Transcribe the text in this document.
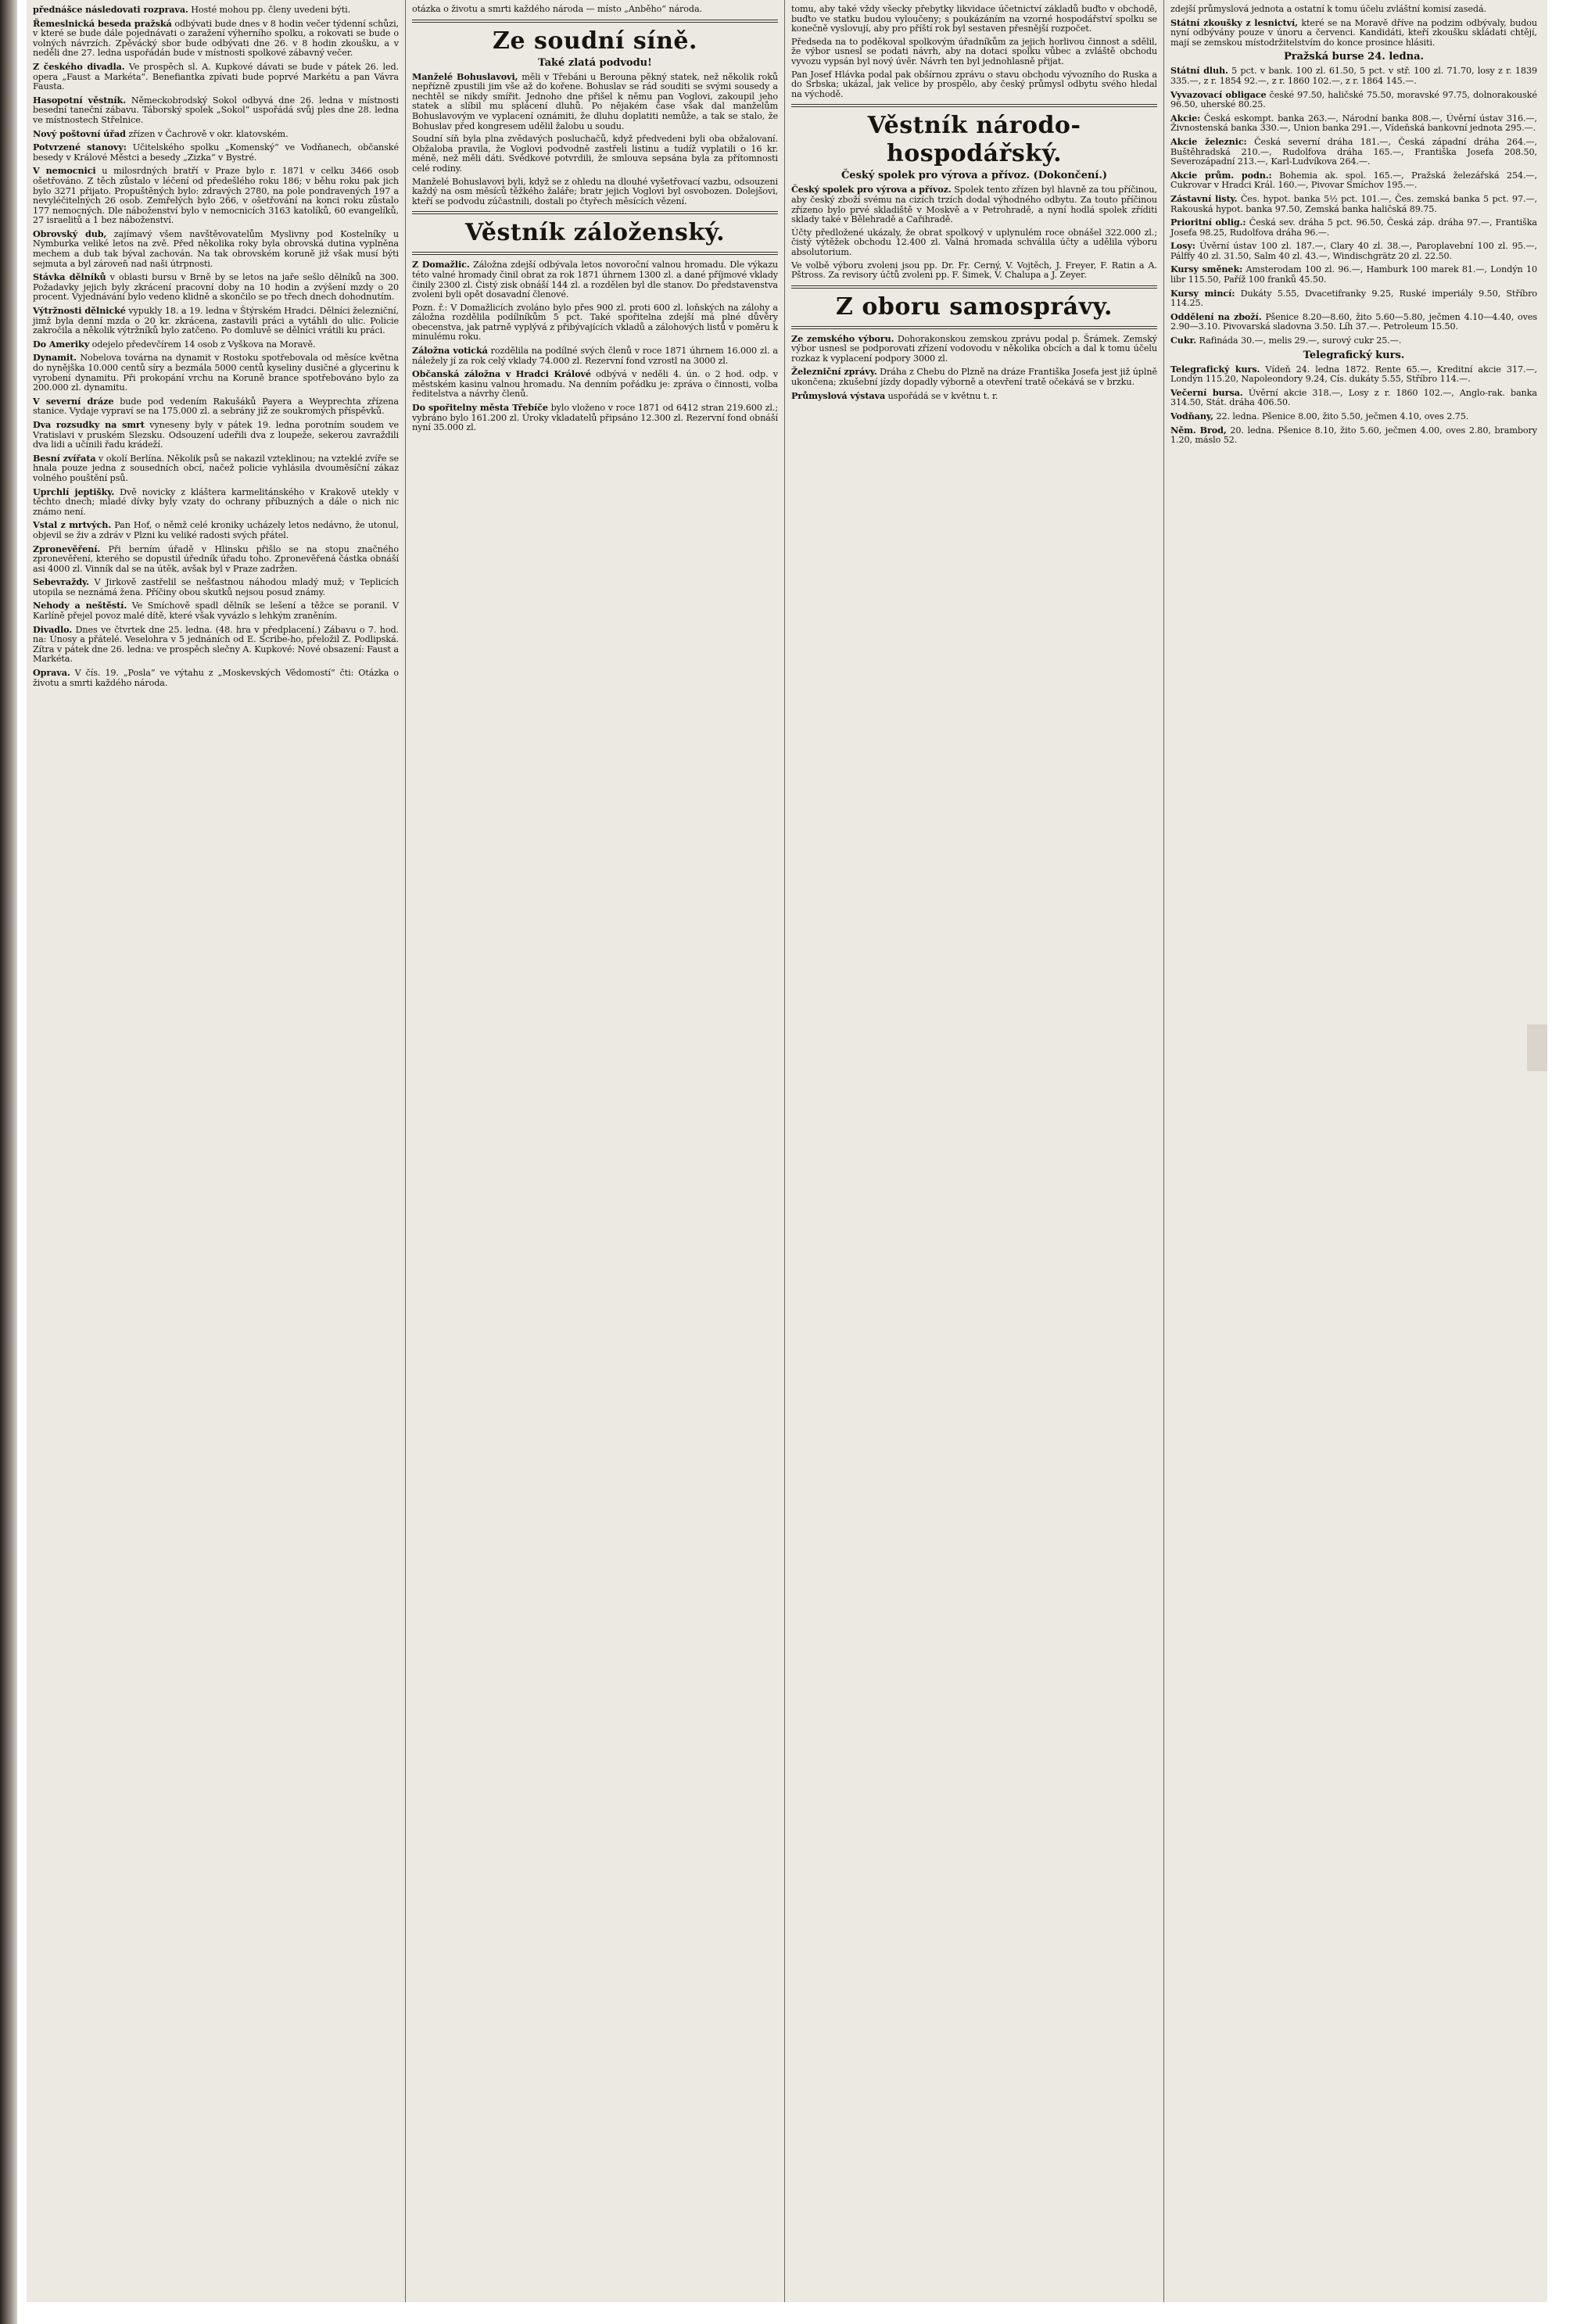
přednášce následovati rozprava. Hosté mohou pp. členy uvedeni býti.

Řemeslnická beseda pražská odbývati bude dnes v 8 hodin večer týdenní schůzi, v které se bude dále pojednávati o zaražení výherního spolku, a rokovati se bude o volných návrzích. Zpěvácký sbor bude odbývati dne 26. v 8 hodin zkoušku, a v neděli dne 27. ledna uspořádán bude v místnosti spolkové zábavný večer.

Z českého divadla. Ve prospěch sl. A. Kupkové dávati se bude v pátek 26. led. opera „Faust a Markéta“. Benefiantka zpívati bude poprvé Markétu a pan Vávra Fausta.

Hasopotní věstník. Německobrodský Sokol odbyvá dne 26. ledna v místnosti besední taneční zábavu. Táborský spolek „Sokol“ uspořádá svůj ples dne 28. ledna ve místnostech Střelnice.

Nový poštovní úřad zřízen v Čachrově v okr. klatovském.

Potvrzené stanovy: Učitelského spolku „Komenský“ ve Vodňanech, občanské besedy v Králové Městci a besedy „Zizka“ v Bystré.

V nemocnici u milosrdných bratří v Praze bylo r. 1871 v celku 3466 osob ošetřováno. Z těch zůstalo v léčení od předešlého roku 186; v běhu roku pak jich bylo 3271 přijato. Propuštěných bylo: zdravých 2780, na pole pondravených 197 a nevyléčitelných 26 osob. Zemřelých bylo 266, v ošetřování na konci roku zůstalo 177 nemocných. Dle náboženství bylo v nemocnicích 3163 katolíků, 60 evangelíků, 27 israelitů a 1 bez náboženství.

Obrovský dub, zajímavý všem navštěvovatelům Myslivny pod Kostelníky u Nymburka veliké letos na zvě. Před několika roky byla obrovská dutina vyplněna mechem a dub tak býval zachován. Na tak obrovském koruně již však musí býti sejmuta a byl zároveň nad naši útrpnosti.

Stávka dělníků v oblasti bursu v Brně by se letos na jaře sešlo dělníků na 300. Požadavky jejich byly zkrácení pracovní doby na 10 hodin a zvýšení mzdy o 20 procent. Vyjednávání bylo vedeno klidně a skončilo se po třech dnech dohodnutím.

Výtržnosti dělnické vypukly 18. a 19. ledna v Štýrském Hradci. Dělníci železniční, jimž byla denní mzda o 20 kr. zkrácena, zastavili práci a vytáhli do ulic. Policie zakročila a několik výtržníků bylo zatčeno. Po domluvě se dělníci vrátili ku práci.

Do Ameriky odejelo předevčírem 14 osob z Vyškova na Moravě.

Dynamit. Nobelova továrna na dynamit v Rostoku spotřebovala od měsíce května do nynějška 10.000 centů síry a bezmála 5000 centů kyseliny dusičné a glycerinu k vyrobení dynamitu. Při prokopání vrchu na Koruně brance spotřebováno bylo za 200.000 zl. dynamitu.

V severní dráze bude pod vedením Rakušáků Payera a Weyprechta zřízena stanice. Vydaje vypraví se na 175.000 zl. a sebrány již ze soukromých příspěvků.

Dva rozsudky na smrt vyneseny byly v pátek 19. ledna porotním soudem ve Vratislavi v pruském Slezsku. Odsouzení udeřili dva z loupeže, sekerou zavraždili dva lidi a učinili řadu krádeží.

Besní zvířata v okolí Berlína. Několik psů se nakazil vzteklinou; na vzteklé zvíře se hnala pouze jedna z sousedních obcí, načež policie vyhlásila dvouměsíční zákaz volného pouštění psů.

Uprchlí jeptišky. Dvě novicky z kláštera karmelitánského v Krakově utekly v těchto dnech; mladé dívky byly vzaty do ochrany příbuzných a dále o nich nic známo není.

Vstal z mrtvých. Pan Hof, o němž celé kroniky ucházely letos nedávno, že utonul, objevil se živ a zdráv v Plzni ku veliké radosti svých přátel.

Zpronevěření. Při berním úřadě v Hlinsku přišlo se na stopu značného zpronevěření, kterého se dopustil úředník úřadu toho. Zpronevěřená částka obnáší asi 4000 zl. Vinník dal se na útěk, avšak byl v Praze zadržen.

Sebevraždy. V Jirkově zastřelil se nešťastnou náhodou mladý muž; v Teplicích utopila se neznámá žena. Příčiny obou skutků nejsou posud známy.

Nehody a neštěstí. Ve Smíchově spadl dělník se lešení a těžce se poranil. V Karlíně přejel povoz malé dítě, které však vyvázlo s lehkým zraněním.

Divadlo. Dnes ve čtvrtek dne 25. ledna. (48. hra v předplacení.) Zábavu o 7. hod. na: Únosy a přátelé. Veselohra v 5 jednáních od E. Scribe-ho, přeložil Z. Podlipská. Zítra v pátek dne 26. ledna: ve prospěch slečny A. Kupkové: Nové obsazení: Faust a Markéta.

Oprava. V čís. 19. „Posla“ ve výtahu z „Moskevských Vědomostí“ čti: Otázka o životu a smrti každého národa.

otázka o životu a smrti každého národa — místo „Anběho“ národa.

Ze soudní síně.
Také zlatá podvodu!

Manželé Bohuslavovi, měli v Třebáni u Berouna pěkný statek, než několik roků nepřízně zpustili jim vše až do kořene. Bohuslav se rád souditi se svými sousedy a nechtěl se nikdy smířit. Jednoho dne přišel k němu pan Voglovi, zakoupil jeho statek a slíbil mu splácení dluhů. Po nějakém čase však dal manželům Bohuslavovým ve vyplacení oznámiti, že dluhu doplatiti nemůže, a tak se stalo, že Bohuslav před kongresem udělil žalobu u soudu.

Soudní síň byla plna zvědavých posluchačů, když předvedeni byli oba obžalovaní. Obžaloba pravila, že Voglovi podvodně zastřeli listinu a tudíž vyplatili o 16 kr. méně, než měli dáti. Svědkové potvrdili, že smlouva sepsána byla za přítomnosti celé rodiny.

Manželé Bohuslavovi byli, když se z ohledu na dlouhé vyšetřovací vazbu, odsouzeni každý na osm měsíců těžkého žaláře; bratr jejich Voglovi byl osvobozen. Dolejšovi, kteří se podvodu zúčastnili, dostali po čtyřech měsících vězení.

Věstník záloženský.

Z Domažlic. Záložna zdejší odbývala letos novoroční valnou hromadu. Dle výkazu této valné hromady činil obrat za rok 1871 úhrnem 1300 zl. a dané příjmové vklady činily 2300 zl. Čistý zisk obnáší 144 zl. a rozdělen byl dle stanov. Do představenstva zvoleni byli opět dosavadní členové.

Pozn. ř.: V Domažlicích zvoláno bylo přes 900 zl. proti 600 zl. loňských na zálohy a záložna rozdělila podílníkům 5 pct. Také spořitelna zdejší má plné důvěry obecenstva, jak patrně vyplývá z přibývajících vkladů a zálohových listů v poměru k minulému roku.

Záložna votická rozdělila na podílné svých členů v roce 1871 úhrnem 16.000 zl. a náležely jí za rok celý vklady 74.000 zl. Rezervní fond vzrostl na 3000 zl.

Občanská záložna v Hradci Králové odbývá v neděli 4. ún. o 2 hod. odp. v městském kasinu valnou hromadu. Na denním pořádku je: zpráva o činnosti, volba ředitelstva a návrhy členů.

Do spořitelny města Třebíče bylo vloženo v roce 1871 od 6412 stran 219.600 zl.; vybráno bylo 161.200 zl. Úroky vkladatelů připsáno 12.300 zl. Rezervní fond obnáší nyní 35.000 zl.

tomu, aby také vždy všecky přebytky likvidace účetnictví základů buďto v obchodě, buďto ve statku budou vyloučeny; s poukázáním na vzorné hospodářství spolku se konečně vyslovují, aby pro příští rok byl sestaven přesnější rozpočet.

Předseda na to poděkoval spolkovým úřadníkům za jejich horlivou činnost a sdělil, že výbor usnesl se podati návrh, aby na dotaci spolku vůbec a zvláště obchodu vyvozu vypsán byl nový úvěr. Návrh ten byl jednohlasně přijat.

Pan Josef Hlávka podal pak obšírnou zprávu o stavu obchodu vývozního do Ruska a do Srbska; ukázal, jak velice by prospělo, aby český průmysl odbytu svého hledal na východě.

Věstník národo-hospodářský.
Český spolek pro výrova a přívoz. (Dokončení.)

Český spolek pro výrova a přívoz. Spolek tento zřízen byl hlavně za tou příčinou, aby český zboží svému na cizích trzích dodal výhodného odbytu. Za touto příčinou zřízeno bylo prvé skladiště v Moskvě a v Petrohradě, a nyní hodlá spolek zříditi sklady také v Bělehradě a Cařihradě.

Účty předložené ukázaly, že obrat spolkový v uplynulém roce obnášel 322.000 zl.; čistý výtěžek obchodu 12.400 zl. Valná hromada schválila účty a udělila výboru absolutorium.

Ve volbě výboru zvoleni jsou pp. Dr. Fr. Cerný, V. Vojtěch, J. Freyer, F. Ratin a A. Pštross. Za revisory účtů zvoleni pp. F. Šimek, V. Chalupa a J. Zeyer.

Z oboru samosprávy.

Ze zemského výboru. Dohorakonskou zemskou zprávu podal p. Šrámek. Zemský výbor usnesl se podporovati zřízení vodovodu v několika obcích a dal k tomu účelu rozkaz k vyplacení podpory 3000 zl.

Železniční zprávy. Dráha z Chebu do Plzně na dráze Františka Josefa jest již úplně ukončena; zkušební jízdy dopadly výborně a otevření tratě očekává se v brzku.

Průmyslová výstava uspořádá se v květnu t. r.

zdejší průmyslová jednota a ostatní k tomu účelu zvláštní komisí zasedá.

Státní zkoušky z lesnictví, které se na Moravě dříve na podzim odbývaly, budou nyní odbývány pouze v únoru a červenci. Kandidáti, kteří zkoušku skládati chtějí, mají se zemskou místodržitelstvím do konce prosince hlásiti.

Pražská burse 24. ledna.

Státní dluh. 5 pct. v bank. 100 zl. 61.50, 5 pct. v stř. 100 zl. 71.70, losy z r. 1839 335.—, z r. 1854 92.—, z r. 1860 102.—, z r. 1864 145.—.

Vyvazovací obligace české 97.50, haličské 75.50, moravské 97.75, dolnorakouské 96.50, uherské 80.25.

Akcie: Česká eskompt. banka 263.—, Národní banka 808.—, Úvěrní ústav 316.—, Živnostenská banka 330.—, Union banka 291.—, Vídeňská bankovní jednota 295.—.

Akcie železnic: Česká severní dráha 181.—, Česká západní dráha 264.—, Buštěhradská 210.—, Rudolfova dráha 165.—, Františka Josefa 208.50, Severozápadní 213.—, Karl-Ludvíkova 264.—.

Akcie prům. podn.: Bohemia ak. spol. 165.—, Pražská železářská 254.—, Cukrovar v Hradci Král. 160.—, Pivovar Smíchov 195.—.

Zástavní listy. Čes. hypot. banka 5½ pct. 101.—, Čes. zemská banka 5 pct. 97.—, Rakouská hypot. banka 97.50, Zemská banka haličská 89.75.

Prioritní oblig.: Česká sev. dráha 5 pct. 96.50, Česká záp. dráha 97.—, Františka Josefa 98.25, Rudolfova dráha 96.—.

Losy: Úvěrní ústav 100 zl. 187.—, Clary 40 zl. 38.—, Paroplavební 100 zl. 95.—, Pálffy 40 zl. 31.50, Salm 40 zl. 43.—, Windischgrätz 20 zl. 22.50.

Kursy směnek: Amsterodam 100 zl. 96.—, Hamburk 100 marek 81.—, Londýn 10 libr 115.50, Paříž 100 franků 45.50.

Kursy mincí: Dukáty 5.55, Dvacetifranky 9.25, Ruské imperiály 9.50, Stříbro 114.25.

Oddělení na zboží. Pšenice 8.20—8.60, žito 5.60—5.80, ječmen 4.10—4.40, oves 2.90—3.10. Pivovarská sladovna 3.50. Líh 37.—. Petroleum 15.50.

Cukr. Rafináda 30.—, melis 29.—, surový cukr 25.—.

Telegrafický kurs.

Telegrafický kurs. Vídeň 24. ledna 1872. Rente 65.—, Kreditní akcie 317.—, Londýn 115.20, Napoleondory 9.24, Cís. dukáty 5.55, Stříbro 114.—.

Večerní bursa. Úvěrní akcie 318.—, Losy z r. 1860 102.—, Anglo-rak. banka 314.50, Stát. dráha 406.50.

Vodňany, 22. ledna. Pšenice 8.00, žito 5.50, ječmen 4.10, oves 2.75.

Něm. Brod, 20. ledna. Pšenice 8.10, žito 5.60, ječmen 4.00, oves 2.80, brambory 1.20, máslo 52.
